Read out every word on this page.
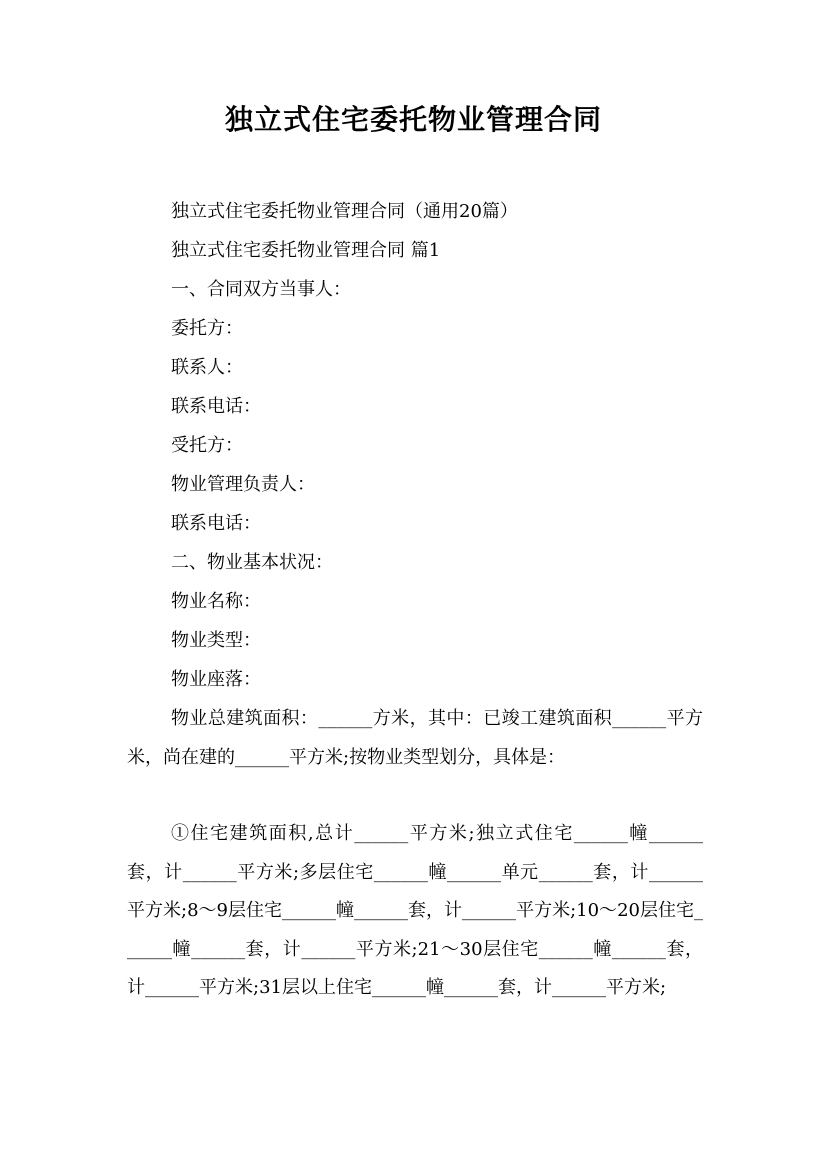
独立式住宅委托物业管理合同
独立式住宅委托物业管理合同（通用20篇）
独立式住宅委托物业管理合同 篇1
一、合同双方当事人：
委托方：
联系人：
联系电话：
受托方：
物业管理负责人：
联系电话：
二、物业基本状况：
物业名称：
物业类型：
物业座落：
物业总建筑面积：______方米，其中：已竣工建筑面积______平方米，尚在建的______平方米;按物业类型划分，具体是：
①住宅建筑面积,总计______平方米;独立式住宅______幢______套，计______平方米;多层住宅______幢______单元______套，计______平方米;8～9层住宅______幢______套，计______平方米;10～20层住宅______幢______套，计______平方米;21～30层住宅______幢______套，计______平方米;31层以上住宅______幢______套，计______平方米;
